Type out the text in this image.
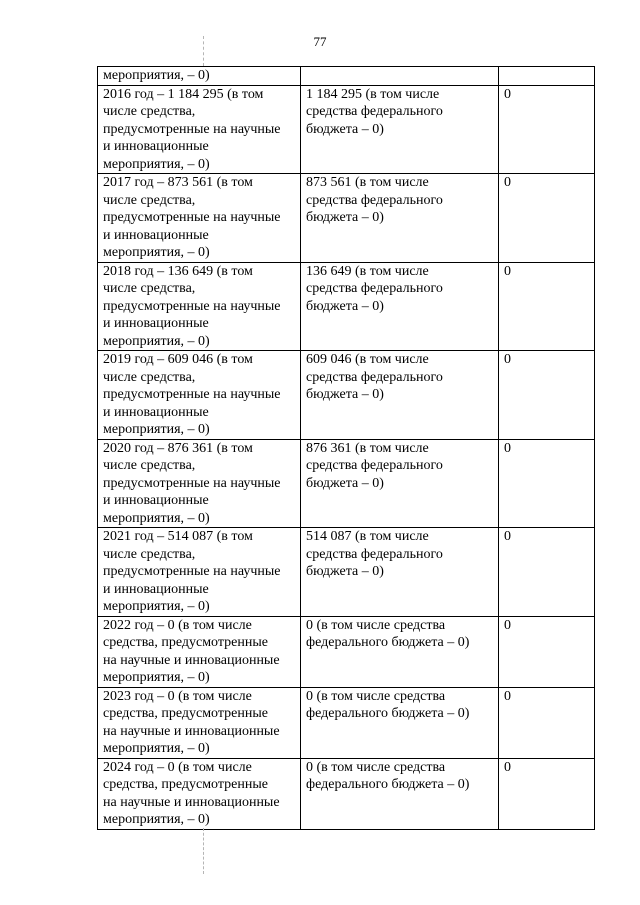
77
мероприятия, – 0)		

2016 год – 1 184 295 (в том
числе средства,
предусмотренные на научные
и инновационные
мероприятия, – 0)	1 184 295 (в том числе
средства федерального
бюджета – 0)	0

2017 год – 873 561 (в том
числе средства,
предусмотренные на научные
и инновационные
мероприятия, – 0)	873 561 (в том числе
средства федерального
бюджета – 0)	0

2018 год – 136 649 (в том
числе средства,
предусмотренные на научные
и инновационные
мероприятия, – 0)	136 649 (в том числе
средства федерального
бюджета – 0)	0

2019 год – 609 046 (в том
числе средства,
предусмотренные на научные
и инновационные
мероприятия, – 0)	609 046 (в том числе
средства федерального
бюджета – 0)	0

2020 год – 876 361 (в том
числе средства,
предусмотренные на научные
и инновационные
мероприятия, – 0)	876 361 (в том числе
средства федерального
бюджета – 0)	0

2021 год – 514 087 (в том
числе средства,
предусмотренные на научные
и инновационные
мероприятия, – 0)	514 087 (в том числе
средства федерального
бюджета – 0)	0

2022 год – 0 (в том числе
средства, предусмотренные
на научные и инновационные
мероприятия, – 0)	0 (в том числе средства
федерального бюджета – 0)	0

2023 год – 0 (в том числе
средства, предусмотренные
на научные и инновационные
мероприятия, – 0)	0 (в том числе средства
федерального бюджета – 0)	0

2024 год – 0 (в том числе
средства, предусмотренные
на научные и инновационные
мероприятия, – 0)	0 (в том числе средства
федерального бюджета – 0)	0
